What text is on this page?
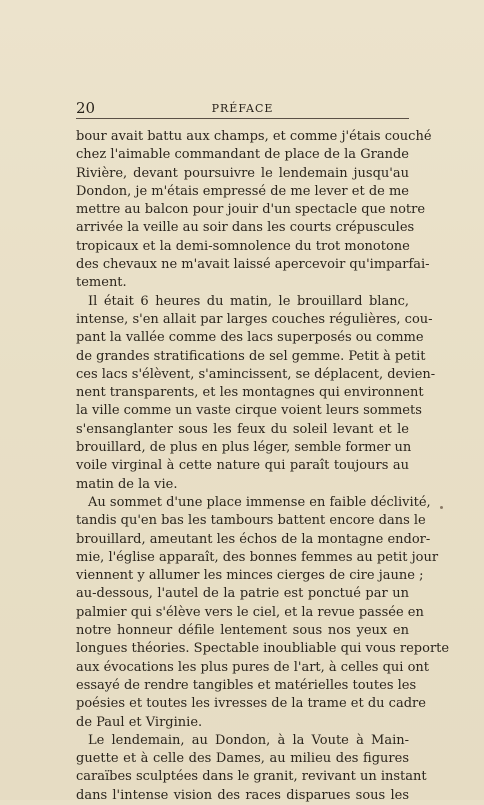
20	PRÉFACE
bour avait battu aux champs, et comme j'étais couché
chez l'aimable commandant de place de la Grande
Rivière, devant poursuivre le lendemain jusqu'au
Dondon, je m'étais empressé de me lever et de me
mettre au balcon pour jouir d'un spectacle que notre
arrivée la veille au soir dans les courts crépuscules
tropicaux et la demi-somnolence du trot monotone
des chevaux ne m'avait laissé apercevoir qu'imparfai-
tement.
Il était 6 heures du matin, le brouillard blanc,
intense, s'en allait par larges couches régulières, cou-
pant la vallée comme des lacs superposés ou comme
de grandes stratifications de sel gemme. Petit à petit
ces lacs s'élèvent, s'amincissent, se déplacent, devien-
nent transparents, et les montagnes qui environnent
la ville comme un vaste cirque voient leurs sommets
s'ensanglanter sous les feux du soleil levant et le
brouillard, de plus en plus léger, semble former un
voile virginal à cette nature qui paraît toujours au
matin de la vie.
Au sommet d'une place immense en faible déclivité,
tandis qu'en bas les tambours battent encore dans le
brouillard, ameutant les échos de la montagne endor-
mie, l'église apparaît, des bonnes femmes au petit jour
viennent y allumer les minces cierges de cire jaune ;
au-dessous, l'autel de la patrie est ponctué par un
palmier qui s'élève vers le ciel, et la revue passée en
notre honneur défile lentement sous nos yeux en
longues théories. Spectable inoubliable qui vous reporte
aux évocations les plus pures de l'art, à celles qui ont
essayé de rendre tangibles et matérielles toutes les
poésies et toutes les ivresses de la trame et du cadre
de Paul et Virginie.
Le lendemain, au Dondon, à la Voute à Main-
guette et à celle des Dames, au milieu des figures
caraïbes sculptées dans le granit, revivant un instant
dans l'intense vision des races disparues sous les
